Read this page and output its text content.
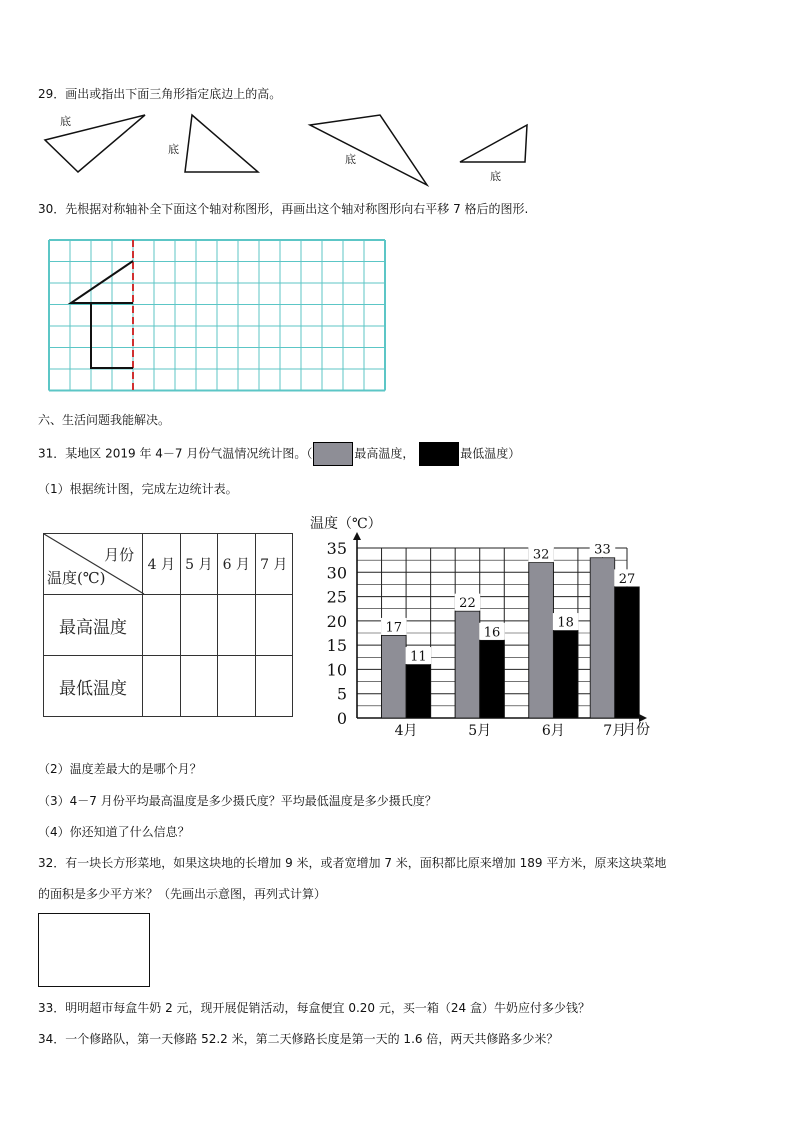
29．画出或指出下面三角形指定底边上的高。
底
底
底
底
30．先根据对称轴补全下面这个轴对称图形，再画出这个轴对称图形向右平移 7 格后的图形.
六、生活问题我能解决。
31．某地区 2019 年 4－7 月份气温情况统计图。（	最高温度，	最低温度）
（1）根据统计图，完成左边统计表。
月份
温度(℃)	4 月	5 月	6 月	7 月
最高温度				
最低温度				
温度（℃）
17
11
22
16
32
18
33
27
0
5
10
15
20
25
30
35
4月	5月	6月	7月
月份
（2）温度差最大的是哪个月？
（3）4－7 月份平均最高温度是多少摄氏度？平均最低温度是多少摄氏度？
（4）你还知道了什么信息？
32．有一块长方形菜地，如果这块地的长增加 9 米，或者宽增加 7 米，面积都比原来增加 189 平方米，原来这块菜地
的面积是多少平方米？（先画出示意图，再列式计算）
33．明明超市每盒牛奶 2 元，现开展促销活动，每盒便宜 0.20 元，买一箱（24 盒）牛奶应付多少钱？
34．一个修路队，第一天修路 52.2 米，第二天修路长度是第一天的 1.6 倍，两天共修路多少米？
